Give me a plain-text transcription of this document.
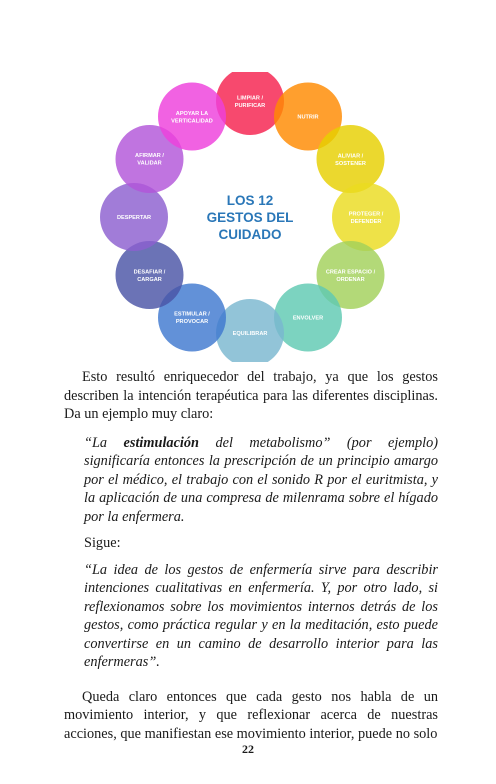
LIMPIAR /
PURIFICAR
NUTRIR
ALIVIAR /
SOSTENER
PROTEGER /
DEFENDER
CREAR ESPACIO /
ORDENAR
ENVOLVER
EQUILIBRAR
ESTIMULAR /
PROVOCAR
DESAFIAR /
CARGAR
DESPERTAR
AFIRMAR /
VALIDAR
APOYAR LA
VERTICALIDAD
LOS 12
GESTOS DEL
CUIDADO

Esto resultó enriquecedor del trabajo, ya que los gestos describen la intención terapéutica para las diferentes disciplinas. Da un ejemplo muy claro:

“La estimulación del metabolismo” (por ejemplo) significaría entonces la prescripción de un principio amargo por el médico, el trabajo con el sonido R por el euritmista, y la aplicación de una compresa de milenrama sobre el hígado por la enfermera.

Sigue:

“La idea de los gestos de enfermería sirve para describir intenciones cualitativas en enfermería. Y, por otro lado, si reflexionamos sobre los movimientos internos detrás de los gestos, como práctica regular y en la meditación, esto puede convertirse en un camino de desarrollo interior para las enfermeras”.

Queda claro entonces que cada gesto nos habla de un movimiento interior, y que reflexionar acerca de nuestras acciones, que manifiestan ese movimiento interior, puede no solo

22
